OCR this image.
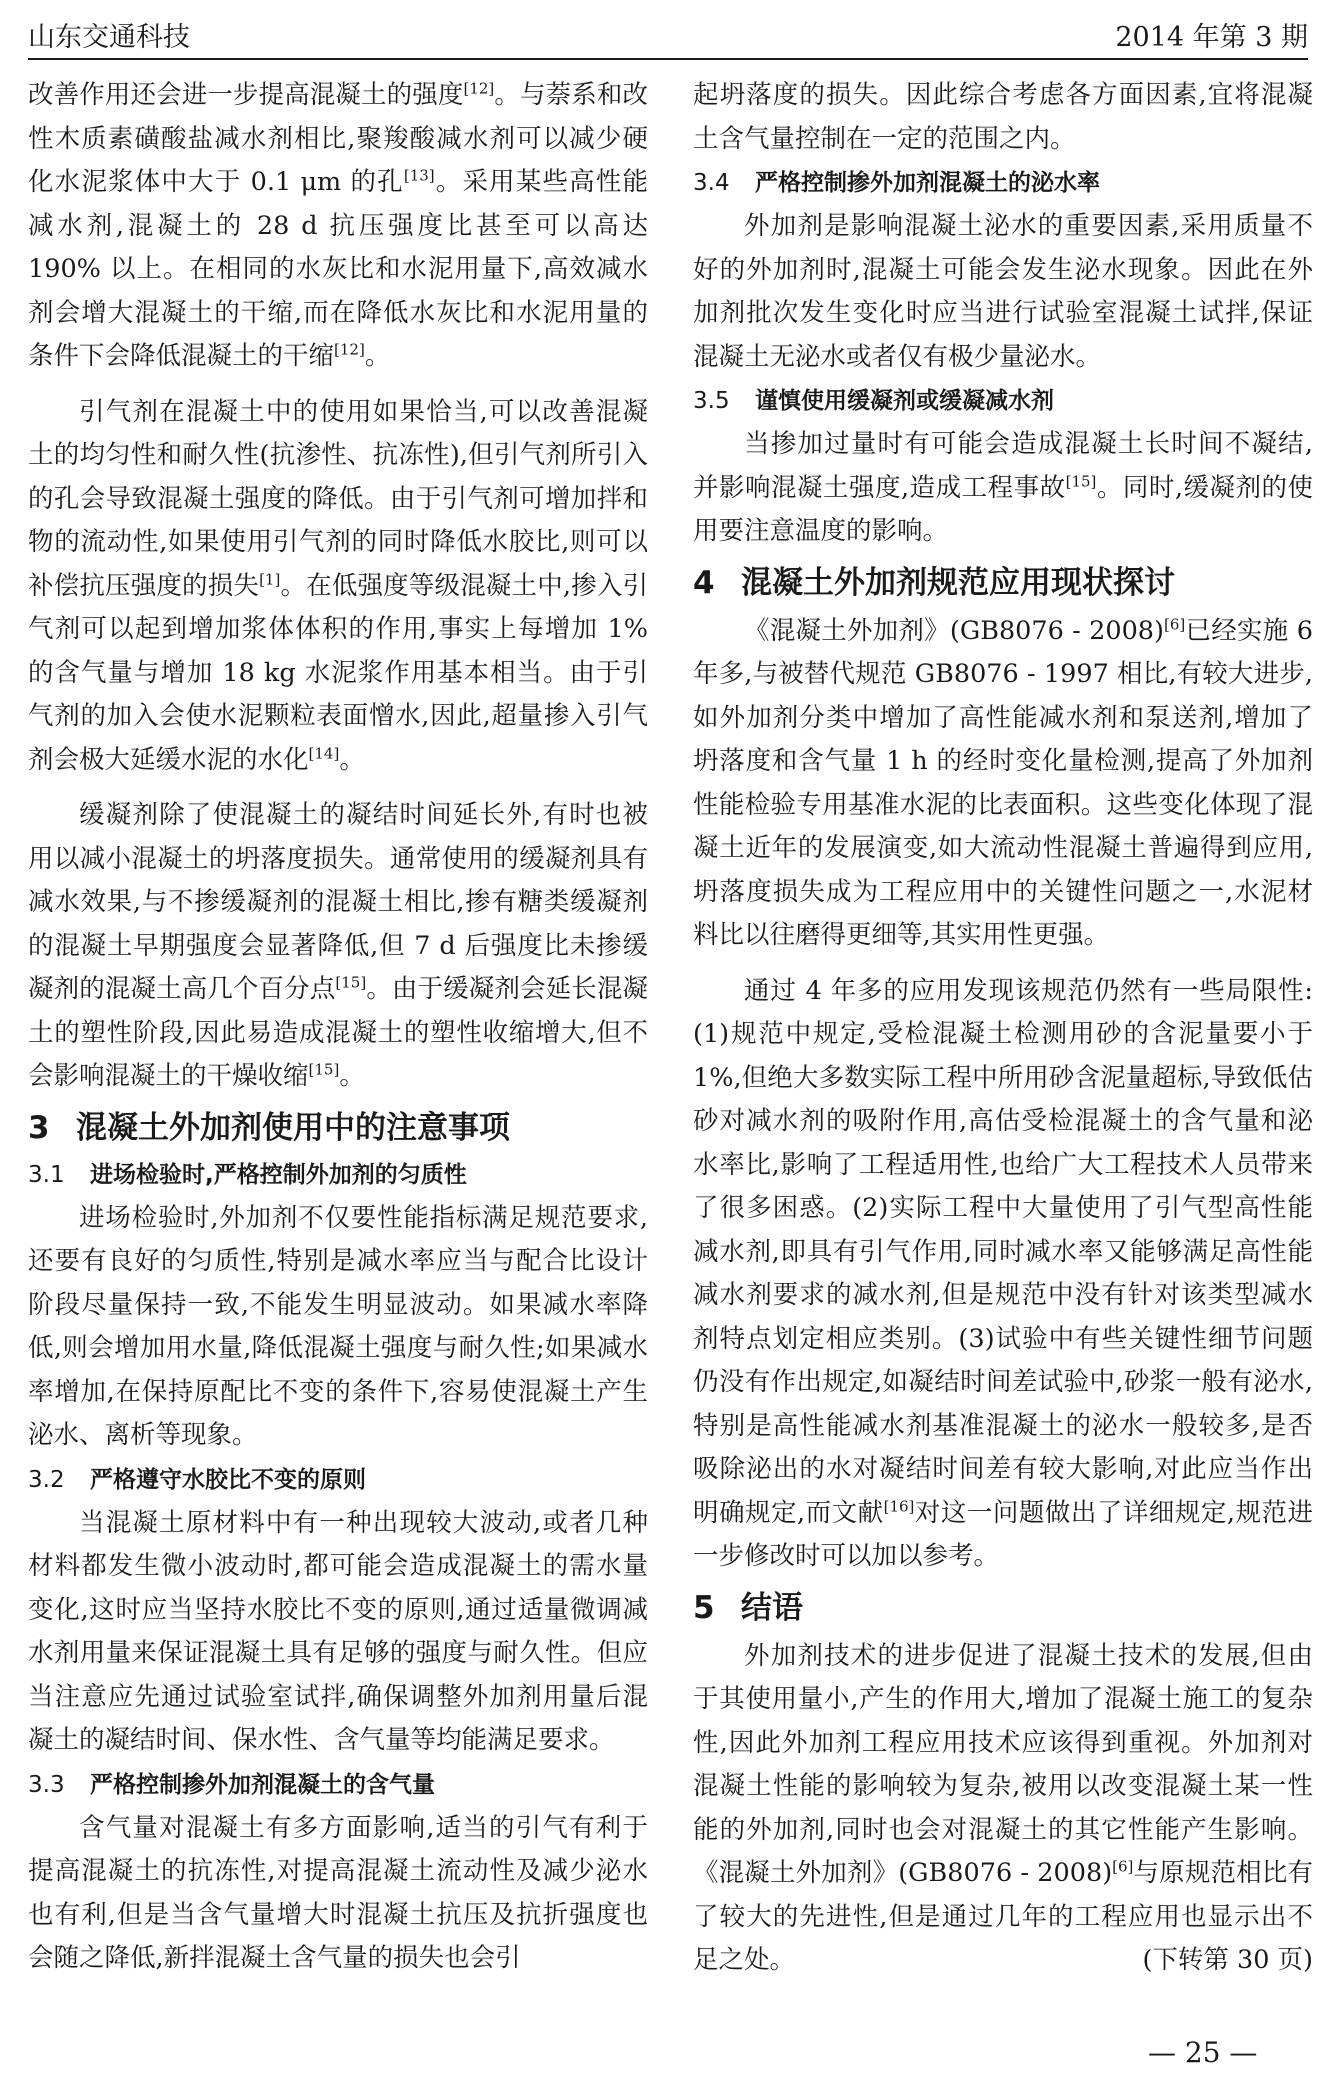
山东交通科技	2014 年第 3 期

改善作用还会进一步提高混凝土的强度[12]。与萘系和改性木质素磺酸盐减水剂相比,聚羧酸减水剂可以减少硬化水泥浆体中大于 0.1 μm 的孔[13]。采用某些高性能减水剂,混凝土的 28 d 抗压强度比甚至可以高达 190% 以上。在相同的水灰比和水泥用量下,高效减水剂会增大混凝土的干缩,而在降低水灰比和水泥用量的条件下会降低混凝土的干缩[12]。

引气剂在混凝土中的使用如果恰当,可以改善混凝土的均匀性和耐久性(抗渗性、抗冻性),但引气剂所引入的孔会导致混凝土强度的降低。由于引气剂可增加拌和物的流动性,如果使用引气剂的同时降低水胶比,则可以补偿抗压强度的损失[1]。在低强度等级混凝土中,掺入引气剂可以起到增加浆体体积的作用,事实上每增加 1% 的含气量与增加 18 kg 水泥浆作用基本相当。由于引气剂的加入会使水泥颗粒表面憎水,因此,超量掺入引气剂会极大延缓水泥的水化[14]。

缓凝剂除了使混凝土的凝结时间延长外,有时也被用以减小混凝土的坍落度损失。通常使用的缓凝剂具有减水效果,与不掺缓凝剂的混凝土相比,掺有糖类缓凝剂的混凝土早期强度会显著降低,但 7 d 后强度比未掺缓凝剂的混凝土高几个百分点[15]。由于缓凝剂会延长混凝土的塑性阶段,因此易造成混凝土的塑性收缩增大,但不会影响混凝土的干燥收缩[15]。

3 混凝土外加剂使用中的注意事项
3.1 进场检验时,严格控制外加剂的匀质性

进场检验时,外加剂不仅要性能指标满足规范要求,还要有良好的匀质性,特别是减水率应当与配合比设计阶段尽量保持一致,不能发生明显波动。如果减水率降低,则会增加用水量,降低混凝土强度与耐久性;如果减水率增加,在保持原配比不变的条件下,容易使混凝土产生泌水、离析等现象。

3.2 严格遵守水胶比不变的原则

当混凝土原材料中有一种出现较大波动,或者几种材料都发生微小波动时,都可能会造成混凝土的需水量变化,这时应当坚持水胶比不变的原则,通过适量微调减水剂用量来保证混凝土具有足够的强度与耐久性。但应当注意应先通过试验室试拌,确保调整外加剂用量后混凝土的凝结时间、保水性、含气量等均能满足要求。

3.3 严格控制掺外加剂混凝土的含气量

含气量对混凝土有多方面影响,适当的引气有利于提高混凝土的抗冻性,对提高混凝土流动性及减少泌水也有利,但是当含气量增大时混凝土抗压及抗折强度也会随之降低,新拌混凝土含气量的损失也会引

起坍落度的损失。因此综合考虑各方面因素,宜将混凝土含气量控制在一定的范围之内。

3.4 严格控制掺外加剂混凝土的泌水率

外加剂是影响混凝土泌水的重要因素,采用质量不好的外加剂时,混凝土可能会发生泌水现象。因此在外加剂批次发生变化时应当进行试验室混凝土试拌,保证混凝土无泌水或者仅有极少量泌水。

3.5 谨慎使用缓凝剂或缓凝减水剂

当掺加过量时有可能会造成混凝土长时间不凝结,并影响混凝土强度,造成工程事故[15]。同时,缓凝剂的使用要注意温度的影响。

4 混凝土外加剂规范应用现状探讨

《混凝土外加剂》(GB8076 - 2008)[6]已经实施 6 年多,与被替代规范 GB8076 - 1997 相比,有较大进步,如外加剂分类中增加了高性能减水剂和泵送剂,增加了坍落度和含气量 1 h 的经时变化量检测,提高了外加剂性能检验专用基准水泥的比表面积。这些变化体现了混凝土近年的发展演变,如大流动性混凝土普遍得到应用,坍落度损失成为工程应用中的关键性问题之一,水泥材料比以往磨得更细等,其实用性更强。

通过 4 年多的应用发现该规范仍然有一些局限性:(1)规范中规定,受检混凝土检测用砂的含泥量要小于 1%,但绝大多数实际工程中所用砂含泥量超标,导致低估砂对减水剂的吸附作用,高估受检混凝土的含气量和泌水率比,影响了工程适用性,也给广大工程技术人员带来了很多困惑。(2)实际工程中大量使用了引气型高性能减水剂,即具有引气作用,同时减水率又能够满足高性能减水剂要求的减水剂,但是规范中没有针对该类型减水剂特点划定相应类别。(3)试验中有些关键性细节问题仍没有作出规定,如凝结时间差试验中,砂浆一般有泌水,特别是高性能减水剂基准混凝土的泌水一般较多,是否吸除泌出的水对凝结时间差有较大影响,对此应当作出明确规定,而文献[16]对这一问题做出了详细规定,规范进一步修改时可以加以参考。

5 结语

外加剂技术的进步促进了混凝土技术的发展,但由于其使用量小,产生的作用大,增加了混凝土施工的复杂性,因此外加剂工程应用技术应该得到重视。外加剂对混凝土性能的影响较为复杂,被用以改变混凝土某一性能的外加剂,同时也会对混凝土的其它性能产生影响。《混凝土外加剂》(GB8076 - 2008)[6]与原规范相比有了较大的先进性,但是通过几年的工程应用也显示出不足之处。	(下转第 30 页)

— 25 —
